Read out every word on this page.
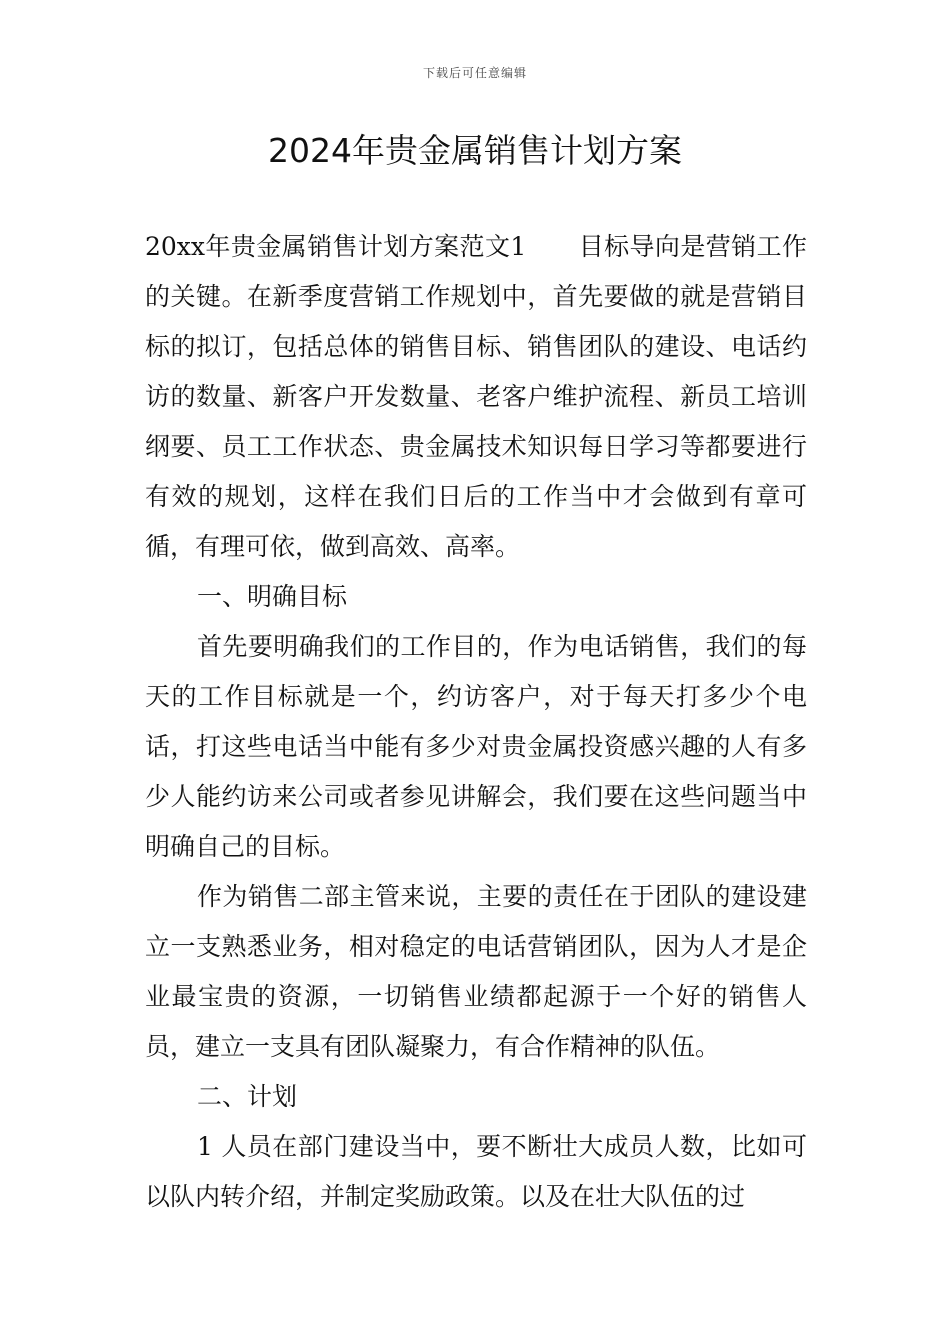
下载后可任意编辑
2024年贵金属销售计划方案

20xx年贵金属销售计划方案范文1 目标导向是营销工作的关键。在新季度营销工作规划中，首先要做的就是营销目标的拟订，包括总体的销售目标、销售团队的建设、电话约访的数量、新客户开发数量、老客户维护流程、新员工培训纲要、员工工作状态、贵金属技术知识每日学习等都要进行有效的规划，这样在我们日后的工作当中才会做到有章可循，有理可依，做到高效、高率。

一、明确目标

首先要明确我们的工作目的，作为电话销售，我们的每天的工作目标就是一个，约访客户，对于每天打多少个电话，打这些电话当中能有多少对贵金属投资感兴趣的人有多少人能约访来公司或者参见讲解会，我们要在这些问题当中明确自己的目标。

作为销售二部主管来说，主要的责任在于团队的建设建立一支熟悉业务，相对稳定的电话营销团队，因为人才是企业最宝贵的资源，一切销售业绩都起源于一个好的销售人员，建立一支具有团队凝聚力，有合作精神的队伍。

二、计划

1 人员在部门建设当中，要不断壮大成员人数，比如可以队内转介绍，并制定奖励政策。以及在壮大队伍的过
